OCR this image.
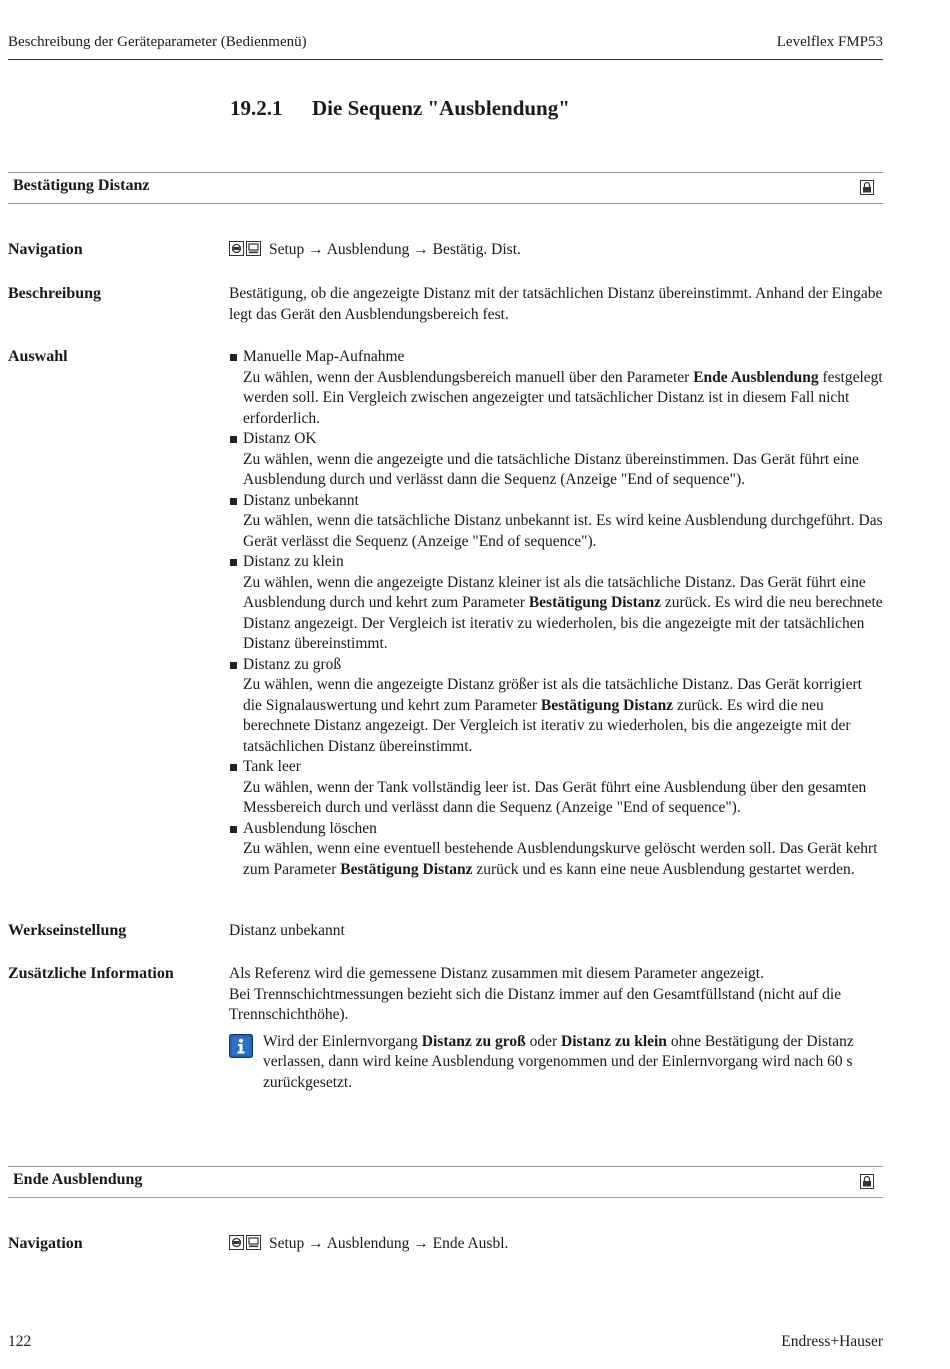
Beschreibung der Geräteparameter (Bedienmenü)	Levelflex FMP53
19.2.1 Die Sequenz "Ausblendung"
Bestätigung Distanz
Navigation	Setup → Ausblendung → Bestätig. Dist.
Beschreibung	Bestätigung, ob die angezeigte Distanz mit der tatsächlichen Distanz übereinstimmt. Anhand der Eingabe legt das Gerät den Ausblendungsbereich fest.
Auswahl	Manuelle Map-Aufnahme
Zu wählen, wenn der Ausblendungsbereich manuell über den Parameter Ende Ausblendung festgelegt werden soll. Ein Vergleich zwischen angezeigter und tatsächlicher Distanz ist in diesem Fall nicht erforderlich.
Distanz OK
Zu wählen, wenn die angezeigte und die tatsächliche Distanz übereinstimmen. Das Gerät führt eine Ausblendung durch und verlässt dann die Sequenz (Anzeige "End of sequence").
Distanz unbekannt
Zu wählen, wenn die tatsächliche Distanz unbekannt ist. Es wird keine Ausblendung durchgeführt. Das Gerät verlässt die Sequenz (Anzeige "End of sequence").
Distanz zu klein
Zu wählen, wenn die angezeigte Distanz kleiner ist als die tatsächliche Distanz. Das Gerät führt eine Ausblendung durch und kehrt zum Parameter Bestätigung Distanz zurück. Es wird die neu berechnete Distanz angezeigt. Der Vergleich ist iterativ zu wiederholen, bis die angezeigte mit der tatsächlichen Distanz übereinstimmt.
Distanz zu groß
Zu wählen, wenn die angezeigte Distanz größer ist als die tatsächliche Distanz. Das Gerät korrigiert die Signalauswertung und kehrt zum Parameter Bestätigung Distanz zurück. Es wird die neu berechnete Distanz angezeigt. Der Vergleich ist iterativ zu wiederholen, bis die angezeigte mit der tatsächlichen Distanz übereinstimmt.
Tank leer
Zu wählen, wenn der Tank vollständig leer ist. Das Gerät führt eine Ausblendung über den gesamten Messbereich durch und verlässt dann die Sequenz (Anzeige "End of sequence").
Ausblendung löschen
Zu wählen, wenn eine eventuell bestehende Ausblendungskurve gelöscht werden soll. Das Gerät kehrt zum Parameter Bestätigung Distanz zurück und es kann eine neue Ausblendung gestartet werden.
Werkseinstellung	Distanz unbekannt
Zusätzliche Information	Als Referenz wird die gemessene Distanz zusammen mit diesem Parameter angezeigt.
Bei Trennschichtmessungen bezieht sich die Distanz immer auf den Gesamtfüllstand (nicht auf die Trennschichthöhe).
Wird der Einlernvorgang Distanz zu groß oder Distanz zu klein ohne Bestätigung der Distanz verlassen, dann wird keine Ausblendung vorgenommen und der Einlernvorgang wird nach 60 s zurückgesetzt.
Ende Ausblendung
Navigation	Setup → Ausblendung → Ende Ausbl.
122	Endress+Hauser
